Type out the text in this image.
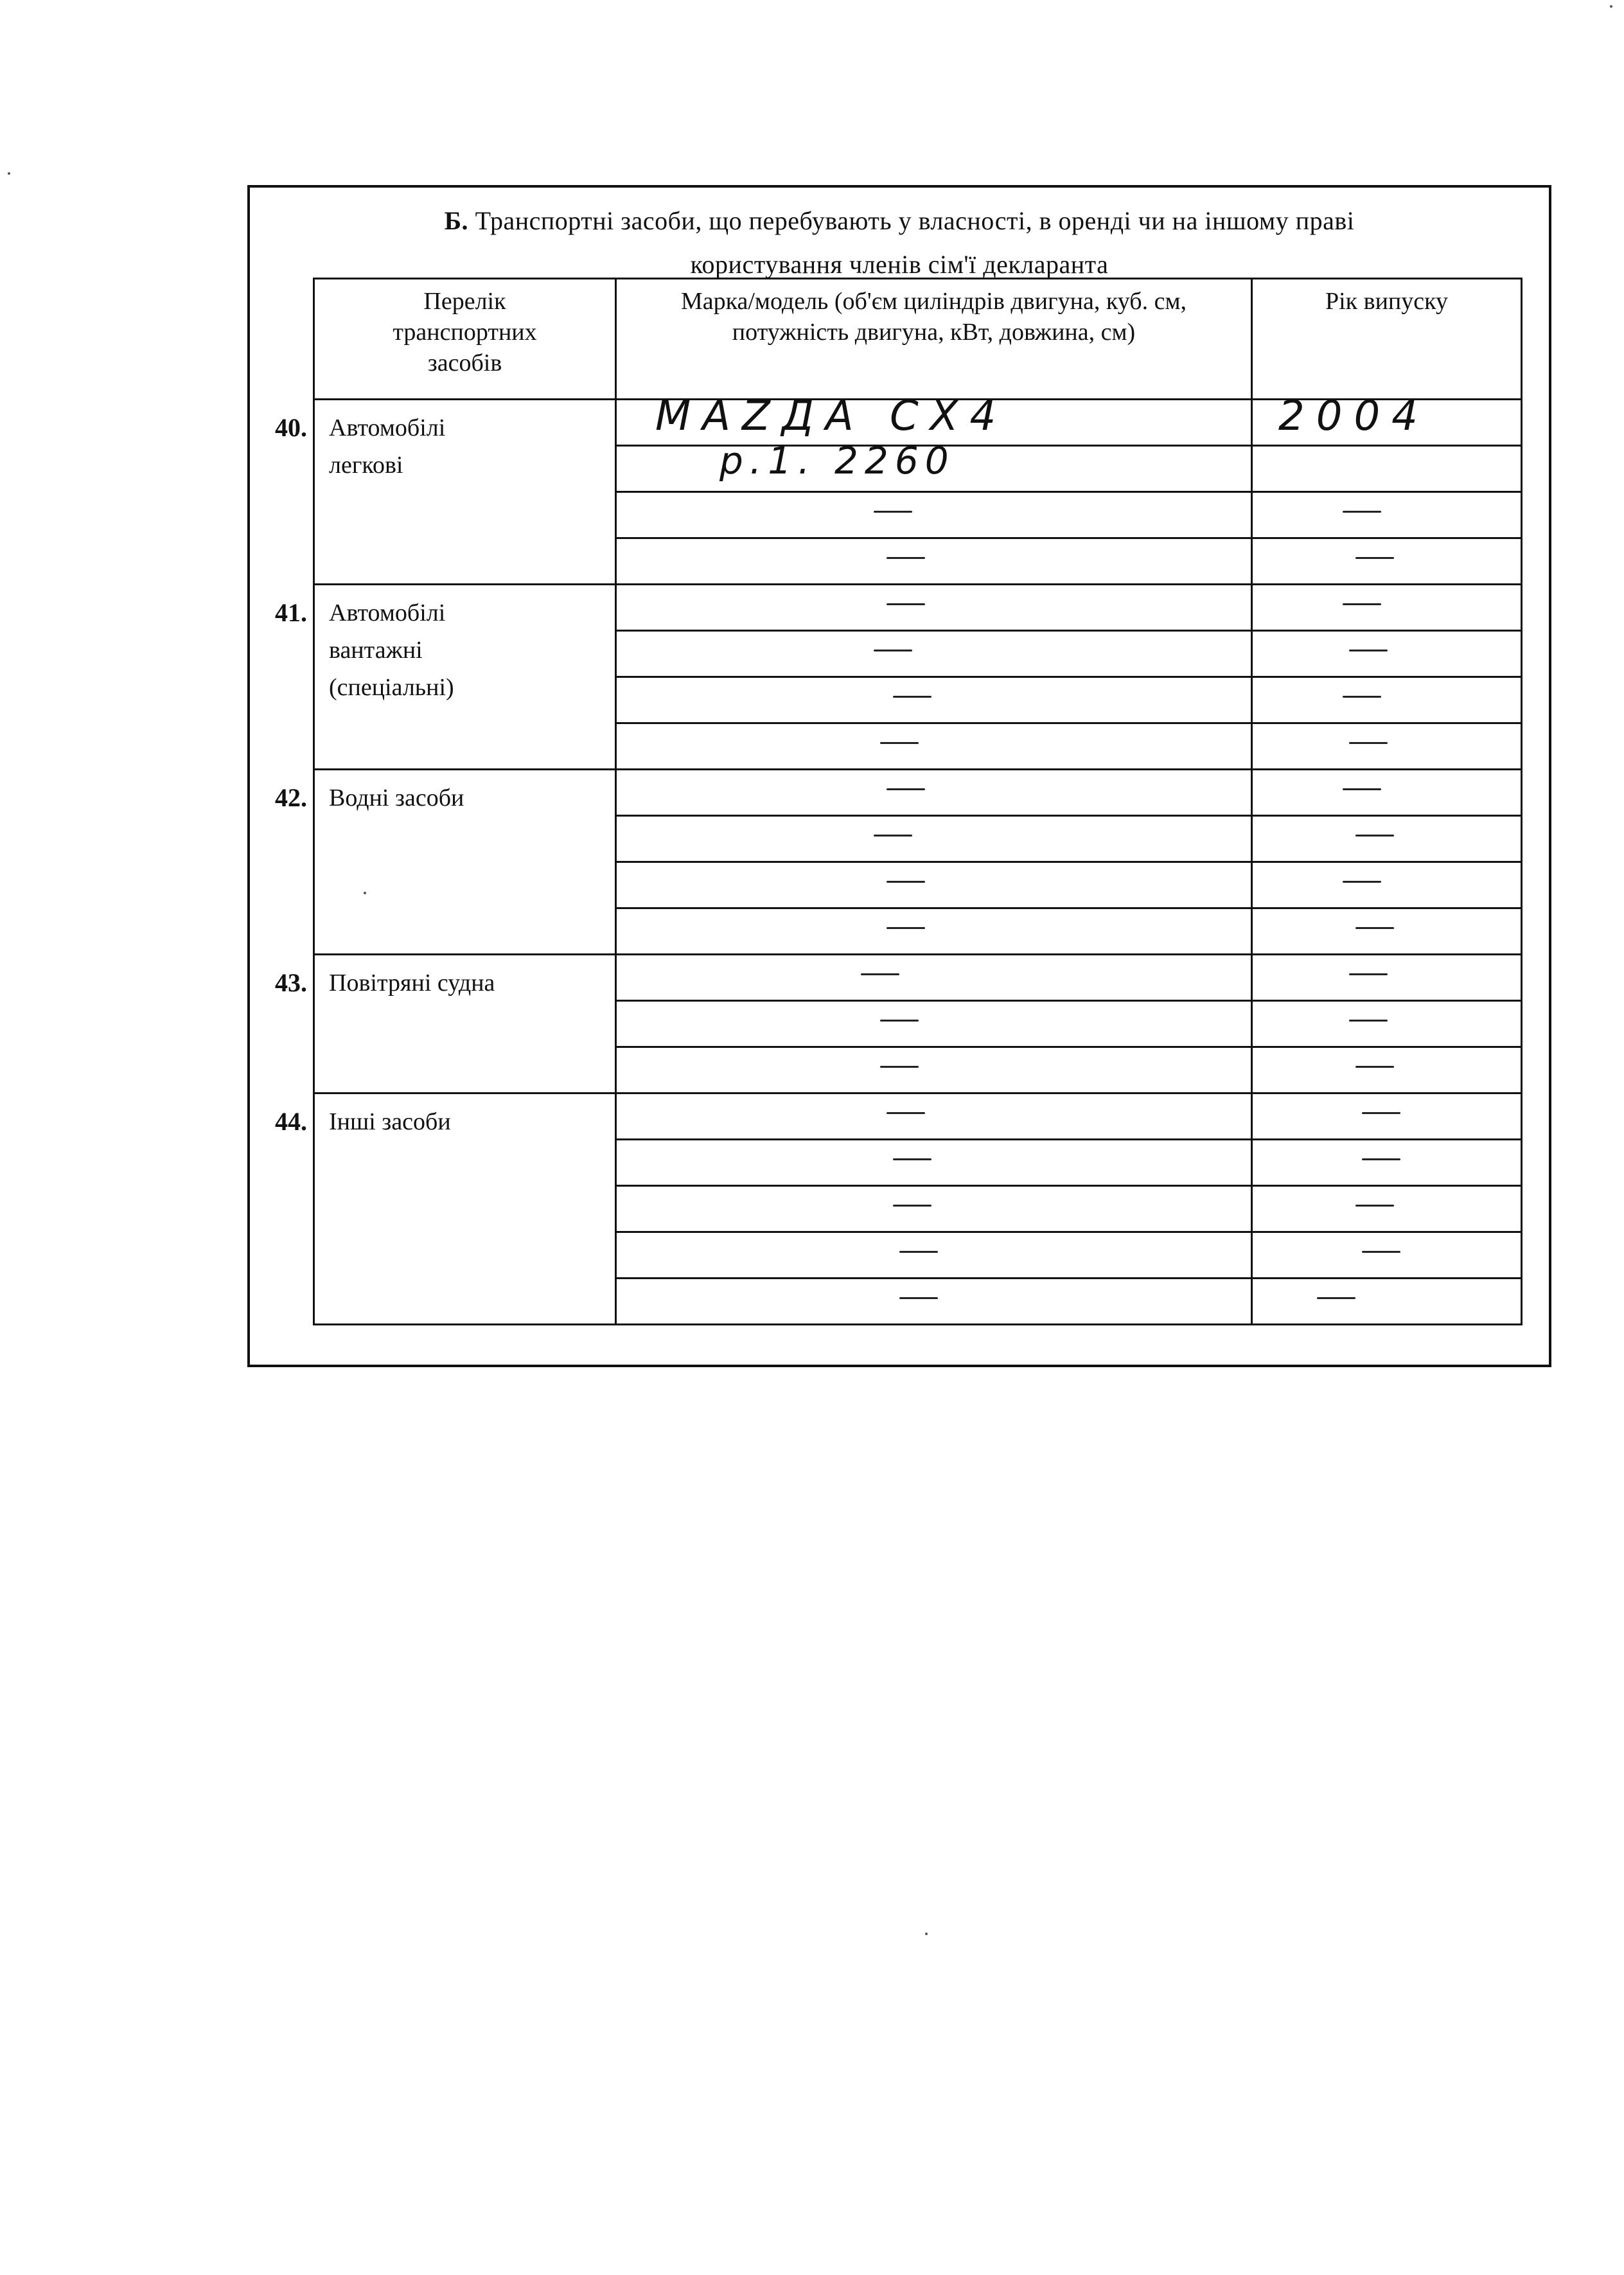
Б. Транспортні засоби, що перебувають у власності, в оренді чи на іншому праві
користування членів сім'ї декларанта
Перелік транспортних засобів	Марка/модель (об'єм циліндрів двигуна, куб. см, потужність двигуна, кВт, довжина, см)	Рік випуску

40. Автомобілі легкові	MAZДA CX4	2004

	p.1. 2260	

41. Автомобілі вантажні (спеціальні)

42. Водні засоби

43. Повітряні судна

44. Інші засоби
